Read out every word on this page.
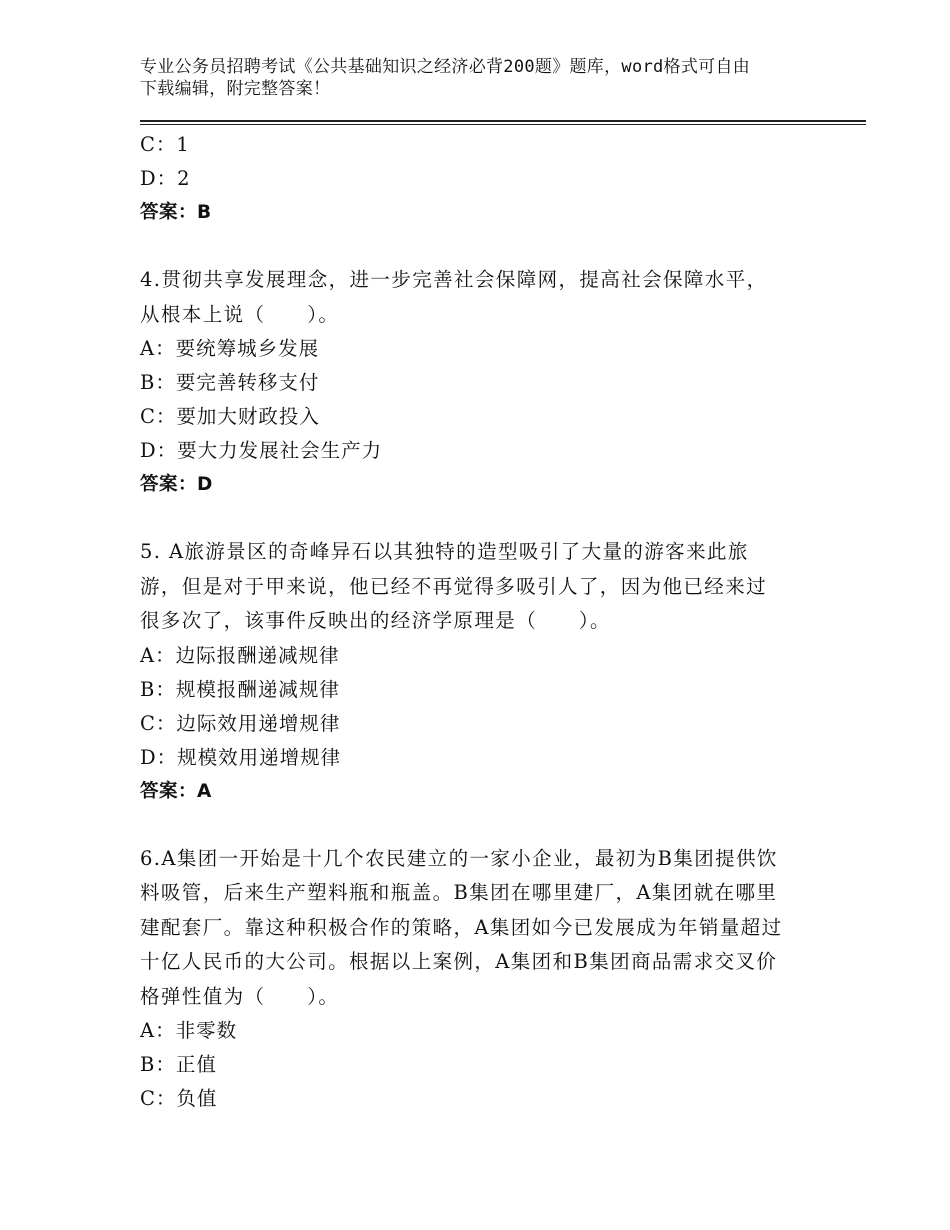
专业公务员招聘考试《公共基础知识之经济必背200题》题库，word格式可自由
下载编辑，附完整答案！
C：1
D：2
答案：B
4.贯彻共享发展理念，进一步完善社会保障网，提高社会保障水平，
从根本上说（　　）。
A：要统筹城乡发展
B：要完善转移支付
C：要加大财政投入
D：要大力发展社会生产力
答案：D
5. A旅游景区的奇峰异石以其独特的造型吸引了大量的游客来此旅
游，但是对于甲来说，他已经不再觉得多吸引人了，因为他已经来过
很多次了，该事件反映出的经济学原理是（　　）。
A：边际报酬递减规律
B：规模报酬递减规律
C：边际效用递增规律
D：规模效用递增规律
答案：A
6.A集团一开始是十几个农民建立的一家小企业，最初为B集团提供饮
料吸管，后来生产塑料瓶和瓶盖。B集团在哪里建厂，A集团就在哪里
建配套厂。靠这种积极合作的策略，A集团如今已发展成为年销量超过
十亿人民币的大公司。根据以上案例，A集团和B集团商品需求交叉价
格弹性值为（　　）。
A：非零数
B：正值
C：负值
